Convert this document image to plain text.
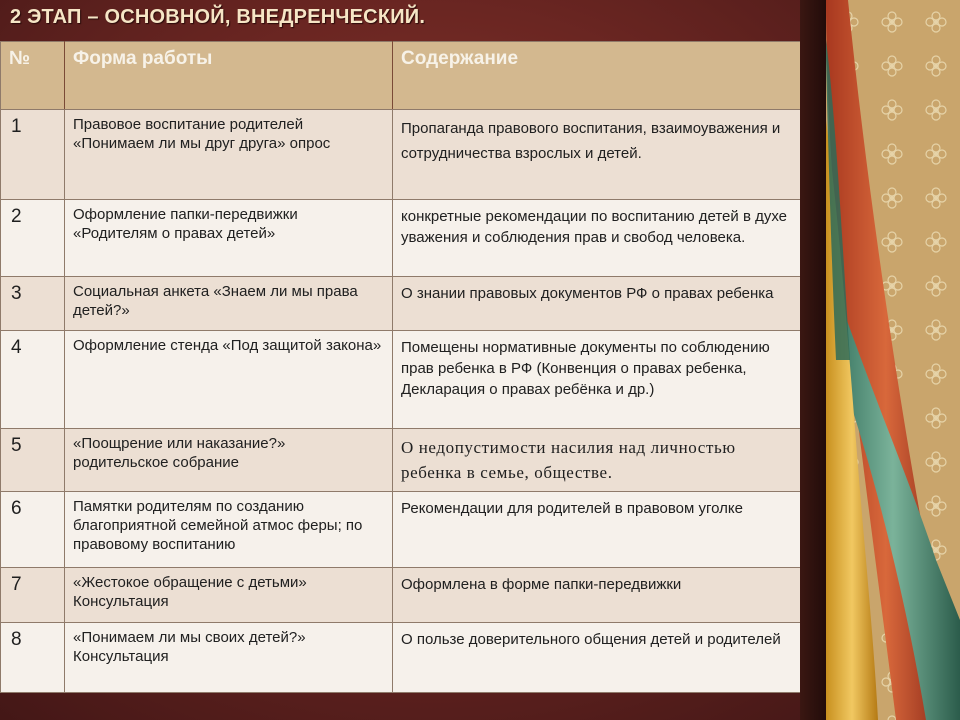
2 ЭТАП – ОСНОВНОЙ, ВНЕДРЕНЧЕСКИЙ.
№	Форма работы	Содержание
1	Правовое воспитание родителей «Понимаем ли мы друг друга» опрос	Пропаганда правового воспитания, взаимоуважения и сотрудничества взрослых и детей.
2	Оформление папки-передвижки «Родителям о правах детей»	конкретные рекомендации по воспитанию детей в духе уважения и соблюдения прав и свобод человека.
3	Социальная анкета «Знаем ли мы права детей?»	О знании правовых документов РФ о правах ребенка
4	Оформление стенда «Под защитой закона»	Помещены нормативные документы по соблюдению прав ребенка в РФ (Конвенция о правах ребенка, Декларация о правах ребёнка и др.)
5	«Поощрение или наказание?» родительское собрание	О недопустимости насилия над личностью ребенка в семье, обществе.
6	Памятки родителям по созданию благоприятной семейной атмос феры; по правовому воспитанию	Рекомендации для родителей в правовом уголке
7	«Жестокое обращение с детьми» Консультация	Оформлена в форме папки-передвижки
8	«Понимаем ли мы своих детей?» Консультация	О пользе доверительного общения детей и родителей
